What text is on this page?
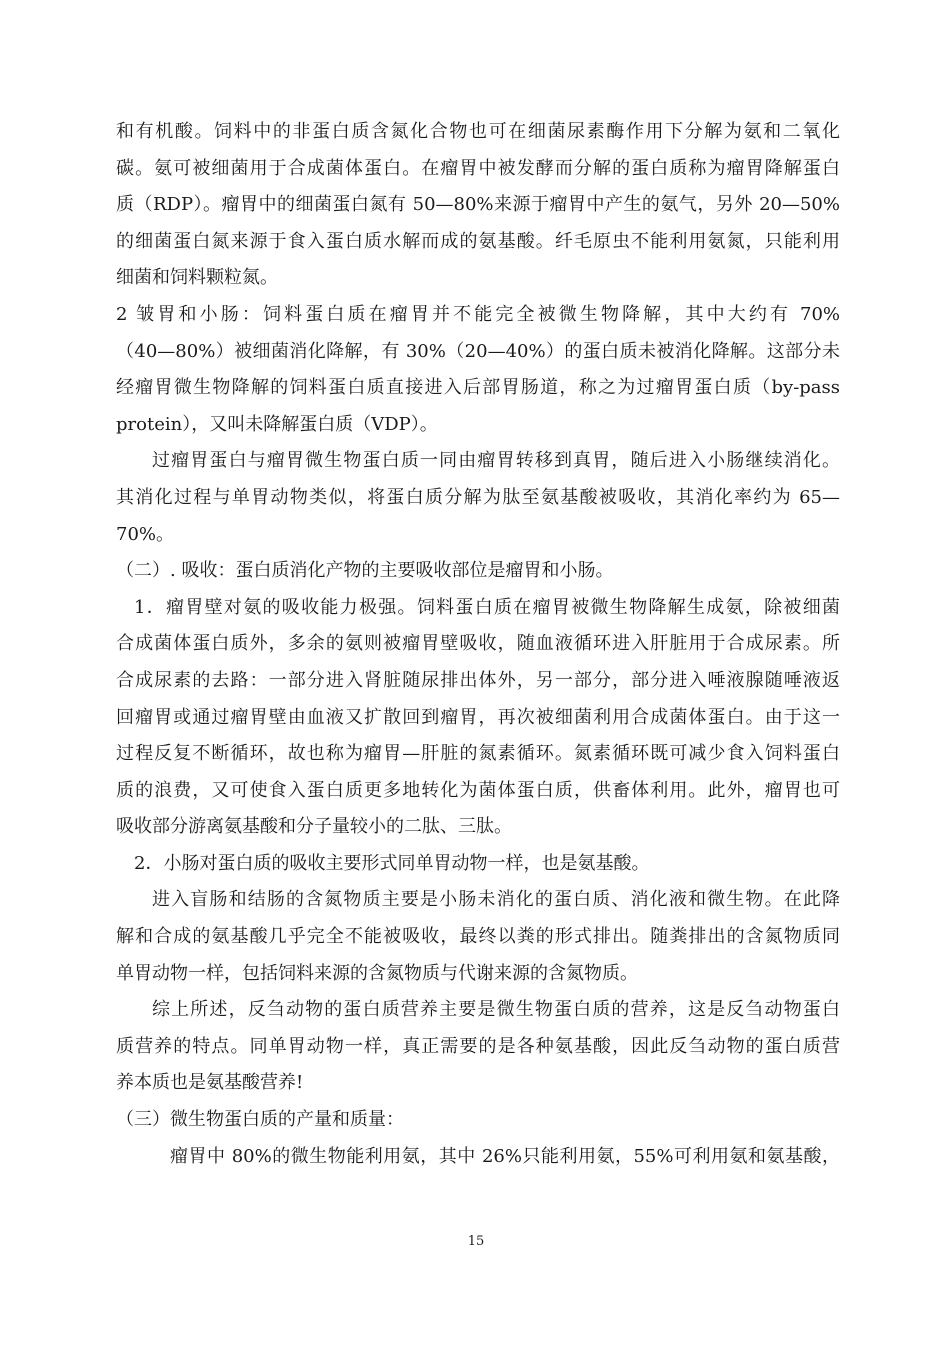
和有机酸。饲料中的非蛋白质含氮化合物也可在细菌尿素酶作用下分解为氨和二氧化
碳。氨可被细菌用于合成菌体蛋白。在瘤胃中被发酵而分解的蛋白质称为瘤胃降解蛋白
质（RDP）。瘤胃中的细菌蛋白氮有 50—80%来源于瘤胃中产生的氨气，另外 20—50%
的细菌蛋白氮来源于食入蛋白质水解而成的氨基酸。纤毛原虫不能利用氨氮，只能利用
细菌和饲料颗粒氮。
2 皱胃和小肠：饲料蛋白质在瘤胃并不能完全被微生物降解，其中大约有 70%
（40—80%）被细菌消化降解，有 30%（20—40%）的蛋白质未被消化降解。这部分未
经瘤胃微生物降解的饲料蛋白质直接进入后部胃肠道，称之为过瘤胃蛋白质（by-pass
protein），又叫未降解蛋白质（VDP）。
过瘤胃蛋白与瘤胃微生物蛋白质一同由瘤胃转移到真胃，随后进入小肠继续消化。
其消化过程与单胃动物类似，将蛋白质分解为肽至氨基酸被吸收，其消化率约为 65—
70%。
（二）. 吸收：蛋白质消化产物的主要吸收部位是瘤胃和小肠。
1．瘤胃壁对氨的吸收能力极强。饲料蛋白质在瘤胃被微生物降解生成氨，除被细菌
合成菌体蛋白质外，多余的氨则被瘤胃壁吸收，随血液循环进入肝脏用于合成尿素。所
合成尿素的去路：一部分进入肾脏随尿排出体外，另一部分，部分进入唾液腺随唾液返
回瘤胃或通过瘤胃壁由血液又扩散回到瘤胃，再次被细菌利用合成菌体蛋白。由于这一
过程反复不断循环，故也称为瘤胃—肝脏的氮素循环。氮素循环既可减少食入饲料蛋白
质的浪费，又可使食入蛋白质更多地转化为菌体蛋白质，供畜体利用。此外，瘤胃也可
吸收部分游离氨基酸和分子量较小的二肽、三肽。
2．小肠对蛋白质的吸收主要形式同单胃动物一样，也是氨基酸。
进入盲肠和结肠的含氮物质主要是小肠未消化的蛋白质、消化液和微生物。在此降
解和合成的氨基酸几乎完全不能被吸收，最终以粪的形式排出。随粪排出的含氮物质同
单胃动物一样，包括饲料来源的含氮物质与代谢来源的含氮物质。
综上所述，反刍动物的蛋白质营养主要是微生物蛋白质的营养，这是反刍动物蛋白
质营养的特点。同单胃动物一样，真正需要的是各种氨基酸，因此反刍动物的蛋白质营
养本质也是氨基酸营养!
（三）微生物蛋白质的产量和质量：
瘤胃中 80%的微生物能利用氨，其中 26%只能利用氨，55%可利用氨和氨基酸，
15
